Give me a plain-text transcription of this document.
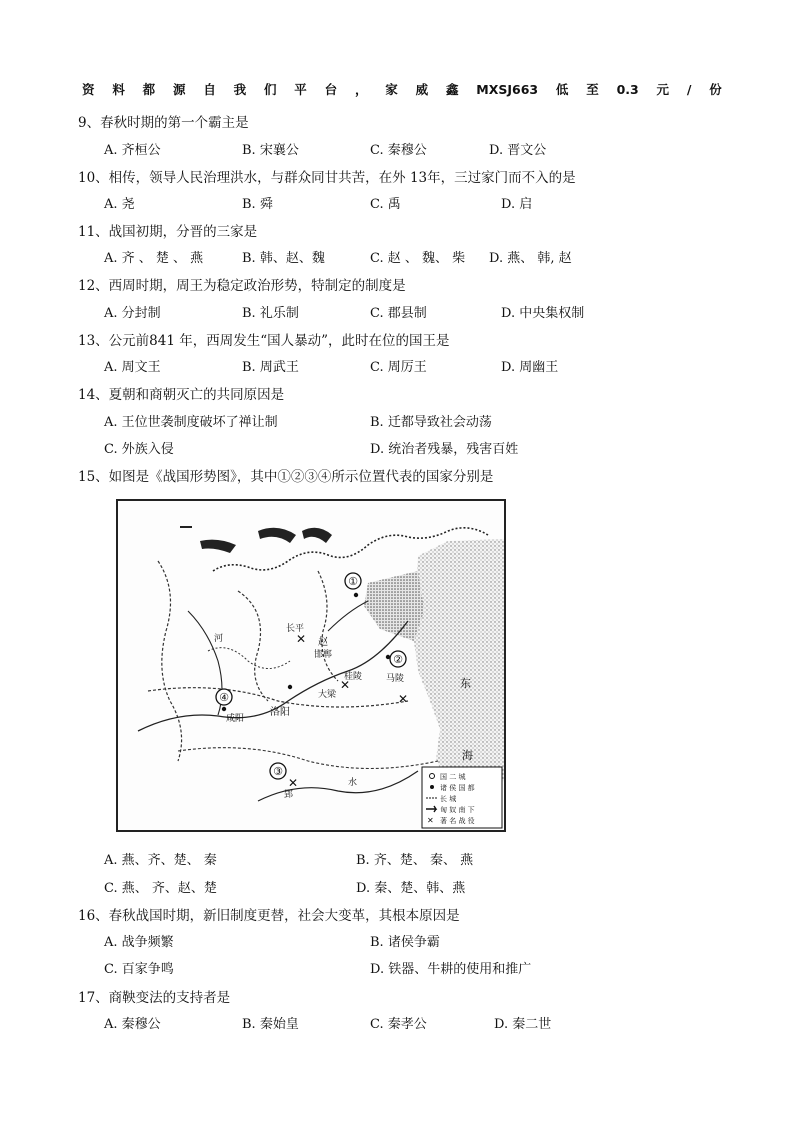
资 料 都 源 自 我 们 平 台 ， 家 威 鑫 MXSJ663 低 至 0.3 元 / 份
9、春秋时期的第一个霸主是
A. 齐桓公	B. 宋襄公	C. 秦穆公	D. 晋文公
10、相传，领导人民治理洪水，与群众同甘共苦，在外 13年，三过家门而不入的是
A. 尧	B. 舜	C. 禹	D. 启
11、战国初期，分晋的三家是
A. 齐 、 楚 、 燕	B. 韩、赵、魏	C. 赵 、 魏、 柴 D. 燕、 韩, 赵
12、西周时期，周王为稳定政治形势，特制定的制度是
A. 分封制	B. 礼乐制	C. 郡县制	D. 中央集权制
13、公元前841 年，西周发生“国人暴动”，此时在位的国王是
A. 周文王	B. 周武王	C. 周厉王	D. 周幽王
14、夏朝和商朝灭亡的共同原因是
A. 王位世袭制度破坏了禅让制	B. 迁都导致社会动荡
C. 外族入侵	D. 统治者残暴，残害百姓
15、如图是《战国形势图》，其中①②③④所示位置代表的国家分别是
①
②
③
④
✕
✕
✕
✕
赵
邯郸
长平
洛阳
大梁
桂陵	马陵
咸阳
郢
东
海
河
水
国 二 城
诸 侯 国 都
长 城
匈 奴 南 下
✕ 著 名 战 役
A. 燕、齐、楚、 秦	B. 齐、楚、 秦、 燕
C. 燕、 齐、赵、楚	D. 秦、楚、韩、燕
16、春秋战国时期，新旧制度更替，社会大变革，其根本原因是
A. 战争频繁	B. 诸侯争霸
C. 百家争鸣	D. 铁器、牛耕的使用和推广
17、商鞅变法的支持者是
A. 秦穆公	B. 秦始皇	C. 秦孝公	D. 秦二世
